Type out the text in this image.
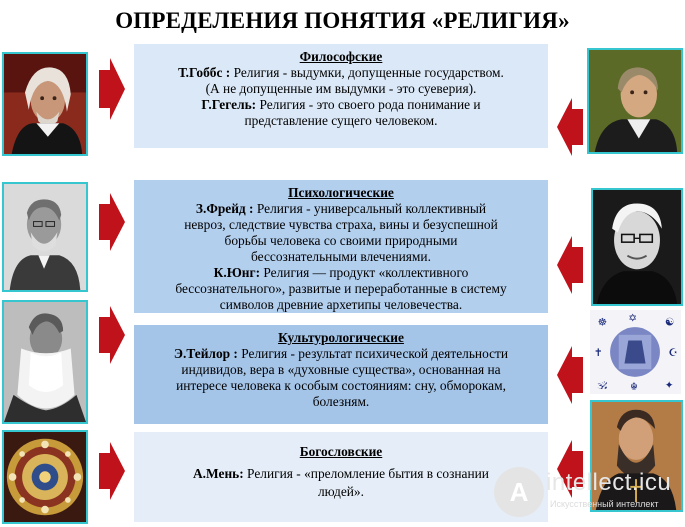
ОПРЕДЕЛЕНИЯ ПОНЯТИЯ «РЕЛИГИЯ»
☸ ✡	☯
✝	☪
🕉 ☬ ✦
Философские
Т.Гоббс : Религия - выдумки, допущенные государством.
(А не допущенные им выдумки - это суеверия).
Г.Гегель: Религия - это своего рода понимание и
представление сущего человеком.
Психологические
З.Фрейд : Религия - универсальный коллективный
невроз, следствие чувства страха, вины и безуспешной
борьбы человека со своими природными
бессознательными влечениями.
К.Юнг: Религия — продукт «коллективного
бессознательного», развитые и переработанные в систему
символов древние архетипы человечества.
Культурологические
Э.Тейлор : Религия - результат психической деятельности
индивидов, вера в «духовные существа», основанная на
интересе человека к особым состояниям: сну, обморокам,
болезням.
Богословские
А.Мень: Религия - «преломление бытия в сознании
людей».	A intellect.icu
Искусственный интеллект
